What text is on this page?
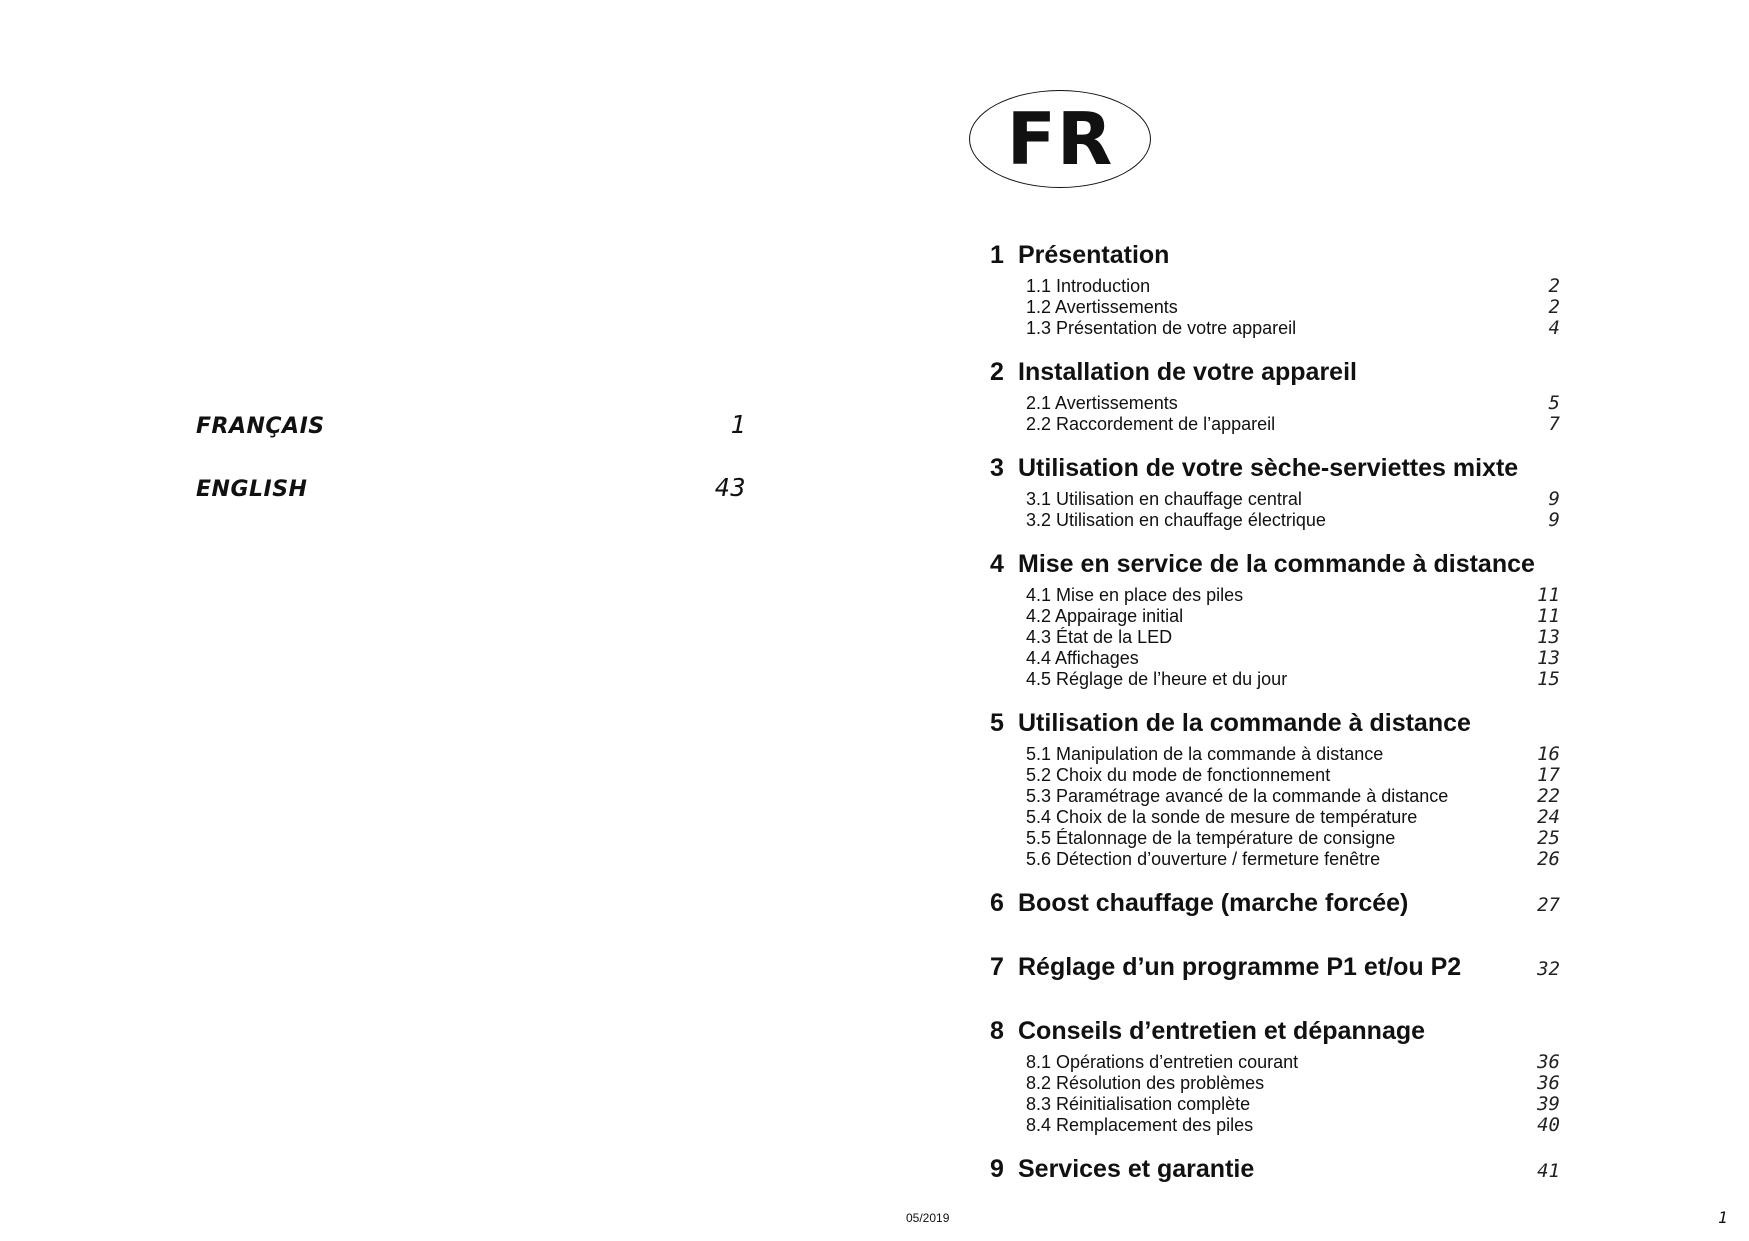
FRANÇAIS	1
ENGLISH	43
FR
1 Présentation
1.1 Introduction	2
1.2 Avertissements	2
1.3 Présentation de votre appareil	4
2 Installation de votre appareil
2.1 Avertissements	5
2.2 Raccordement de l’appareil	7
3 Utilisation de votre sèche-serviettes mixte
3.1 Utilisation en chauffage central	9
3.2 Utilisation en chauffage électrique	9
4 Mise en service de la commande à distance
4.1 Mise en place des piles	11
4.2 Appairage initial	11
4.3 État de la LED	13
4.4 Affichages	13
4.5 Réglage de l’heure et du jour	15
5 Utilisation de la commande à distance
5.1 Manipulation de la commande à distance	16
5.2 Choix du mode de fonctionnement	17
5.3 Paramétrage avancé de la commande à distance	22
5.4 Choix de la sonde de mesure de température	24
5.5 Étalonnage de la température de consigne	25
5.6 Détection d’ouverture / fermeture fenêtre	26
6 Boost chauffage (marche forcée)	27
7 Réglage d’un programme P1 et/ou P2	32
8 Conseils d’entretien et dépannage
8.1 Opérations d’entretien courant	36
8.2 Résolution des problèmes	36
8.3 Réinitialisation complète	39
8.4 Remplacement des piles	40
9 Services et garantie	41
05/2019	1
